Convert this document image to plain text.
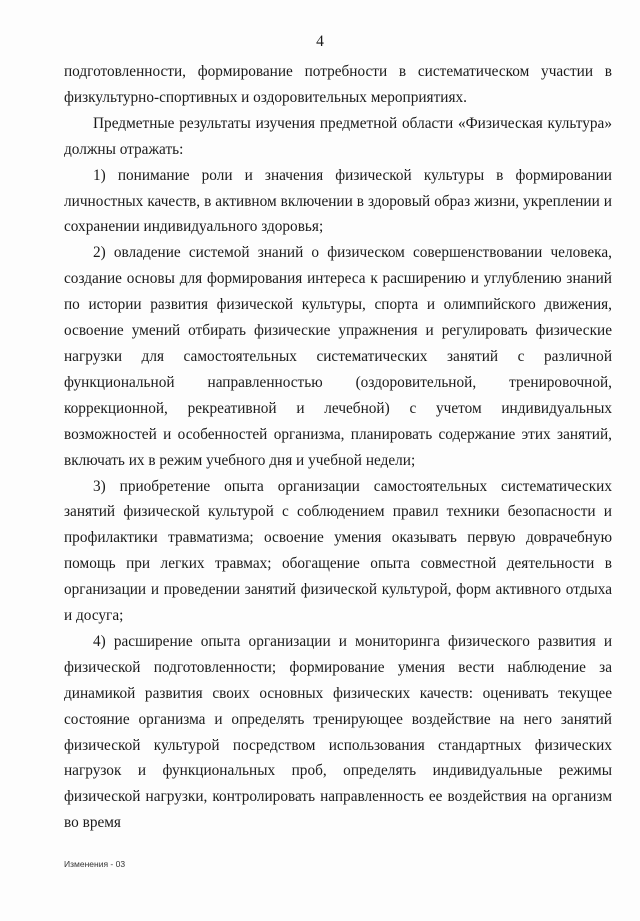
4

подготовленности, формирование потребности в систематическом участии в физкультурно-спортивных и оздоровительных мероприятиях.

Предметные результаты изучения предметной области «Физическая культура» должны отражать:

1) понимание роли и значения физической культуры в формировании личностных качеств, в активном включении в здоровый образ жизни, укреплении и сохранении индивидуального здоровья;

2) овладение системой знаний о физическом совершенствовании человека, создание основы для формирования интереса к расширению и углублению знаний по истории развития физической культуры, спорта и олимпийского движения, освоение умений отбирать физические упражнения и регулировать физические нагрузки для самостоятельных систематических занятий с различной функциональной направленностью (оздоровительной, тренировочной, коррекционной, рекреативной и лечебной) с учетом индивидуальных возможностей и особенностей организма, планировать содержание этих занятий, включать их в режим учебного дня и учебной недели;

3) приобретение опыта организации самостоятельных систематических занятий физической культурой с соблюдением правил техники безопасности и профилактики травматизма; освоение умения оказывать первую доврачебную помощь при легких травмах; обогащение опыта совместной деятельности в организации и проведении занятий физической культурой, форм активного отдыха и досуга;

4) расширение опыта организации и мониторинга физического развития и физической подготовленности; формирование умения вести наблюдение за динамикой развития своих основных физических качеств: оценивать текущее состояние организма и определять тренирующее воздействие на него занятий физической культурой посредством использования стандартных физических нагрузок и функциональных проб, определять индивидуальные режимы физической нагрузки, контролировать направленность ее воздействия на организм во время

Изменения - 03
